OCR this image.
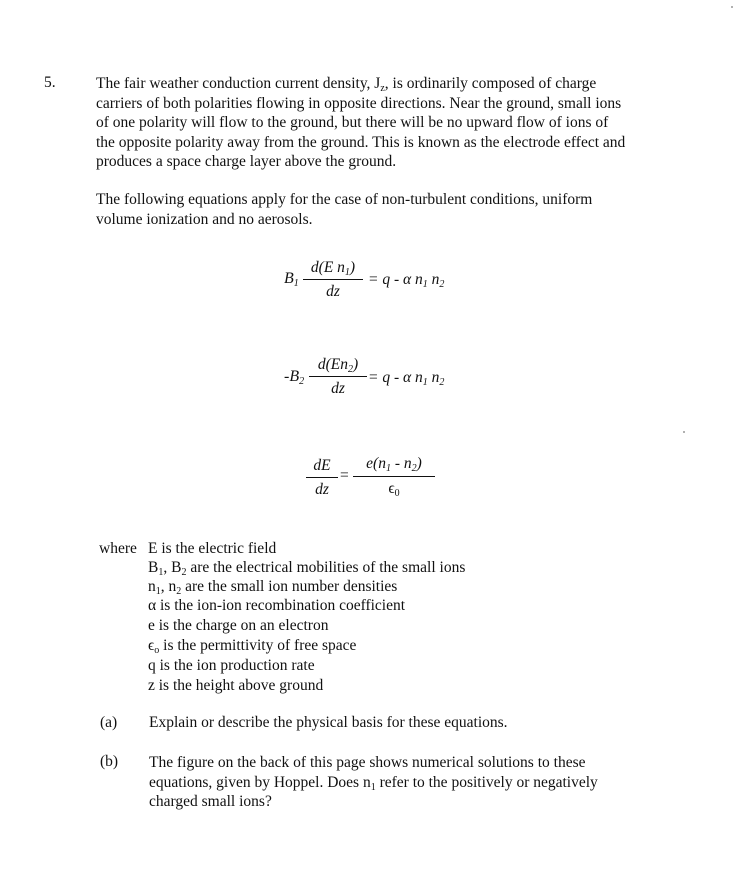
5.	The fair weather conduction current density, $J_z$, is ordinarily composed of charge
carriers of both polarities flowing in opposite directions. Near the ground, small ions
of one polarity will flow to the ground, but there will be no upward flow of ions of
the opposite polarity away from the ground. This is known as the electrode effect and
produces a space charge layer above the ground.
The following equations apply for the case of non-turbulent conditions, uniform
volume ionization and no aerosols.
$B_1$
d(E $n_1$)
dz
= q - α $n_1$ $n_2$
$-B_2$
$d(En_2)$
dz
= q - α $n_1$ $n_2$
dE
dz
=
$e(n_1 - n_2)$
$\epsilon_0$
where E is the electric field
$B_1$, $B_2$ are the electrical mobilities of the small ions
$n_1$, $n_2$ are the small ion number densities
α is the ion-ion recombination coefficient
e is the charge on an electron
$\epsilon_o$ is the permittivity of free space
q is the ion production rate
z is the height above ground
(a) Explain or describe the physical basis for these equations.
(b) The figure on the back of this page shows numerical solutions to these
equations, given by Hoppel. Does $n_1$ refer to the positively or negatively
charged small ions?
